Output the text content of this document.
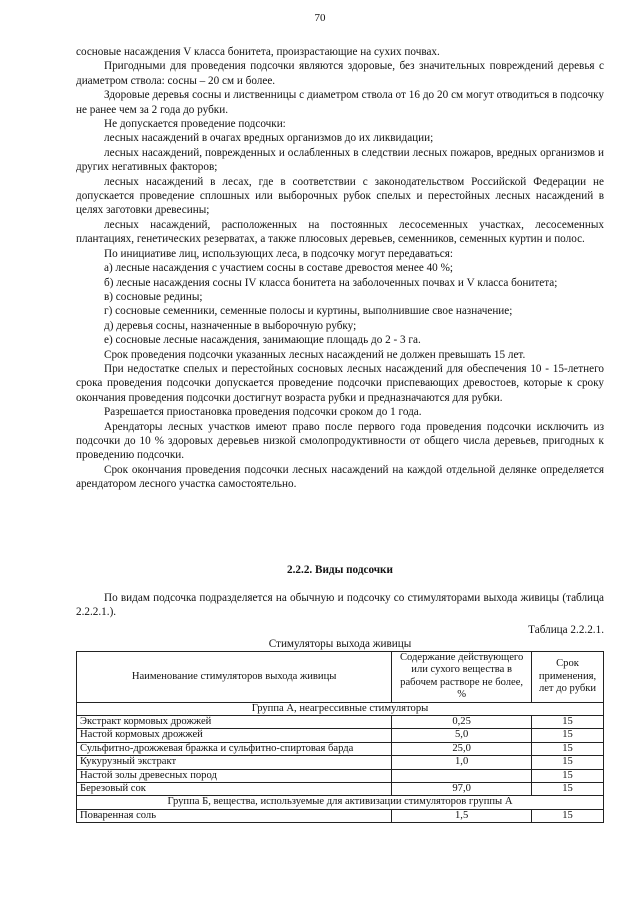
70

сосновые насаждения V класса бонитета, произрастающие на сухих почвах.

Пригодными для проведения подсочки являются здоровые, без значительных повреждений деревья с диаметром ствола: сосны – 20 см и более.

Здоровые деревья сосны и лиственницы с диаметром ствола от 16 до 20 см могут отводиться в подсочку не ранее чем за 2 года до рубки.

Не допускается проведение подсочки:

лесных насаждений в очагах вредных организмов до их ликвидации;

лесных насаждений, поврежденных и ослабленных в следствии лесных пожаров, вредных организмов и других негативных факторов;

лесных насаждений в лесах, где в соответствии с законодательством Российской Федерации не допускается проведение сплошных или выборочных рубок спелых и перестойных лесных насаждений в целях заготовки древесины;

лесных насаждений, расположенных на постоянных лесосеменных участках, лесосеменных плантациях, генетических резерватах, а также плюсовых деревьев, семенников, семенных куртин и полос.

По инициативе лиц, использующих леса, в подсочку могут передаваться:

а) лесные насаждения с участием сосны в составе древостоя менее 40 %;

б) лесные насаждения сосны IV класса бонитета на заболоченных почвах и V класса бонитета;

в) сосновые редины;

г) сосновые семенники, семенные полосы и куртины, выполнившие свое назначение;

д) деревья сосны, назначенные в выборочную рубку;

е) сосновые лесные насаждения, занимающие площадь до 2 - 3 га.

Срок проведения подсочки указанных лесных насаждений не должен превышать 15 лет.

При недостатке спелых и перестойных сосновых лесных насаждений для обеспечения 10 - 15-летнего срока проведения подсочки допускается проведение подсочки приспевающих древостоев, которые к сроку окончания проведения подсочки достигнут возраста рубки и предназначаются для рубки.

Разрешается приостановка проведения подсочки сроком до 1 года.

Арендаторы лесных участков имеют право после первого года проведения подсочки исключить из подсочки до 10 % здоровых деревьев низкой смолопродуктивности от общего числа деревьев, пригодных к проведению подсочки.

Срок окончания проведения подсочки лесных насаждений на каждой отдельной делянке определяется арендатором лесного участка самостоятельно.

2.2.2. Виды подсочки

По видам подсочка подразделяется на обычную и подсочку со стимуляторами выхода живицы (таблица 2.2.2.1.).

Таблица 2.2.2.1.
Стимуляторы выхода живицы
Наименование стимуляторов выхода живицы	Содержание действующего или сухого вещества в рабочем растворе не более, %	Срок применения, лет до рубки
Группа А, неагрессивные стимуляторы		
Экстракт кормовых дрожжей	0,25	15
Настой кормовых дрожжей	5,0	15
Сульфитно-дрожжевая бражка и сульфитно-спиртовая барда	25,0	15
Кукурузный экстракт	1,0	15
Настой золы древесных пород		15
Березовый сок	97,0	15
Группа Б, вещества, используемые для активизации стимуляторов группы А		
Поваренная соль	1,5	15
